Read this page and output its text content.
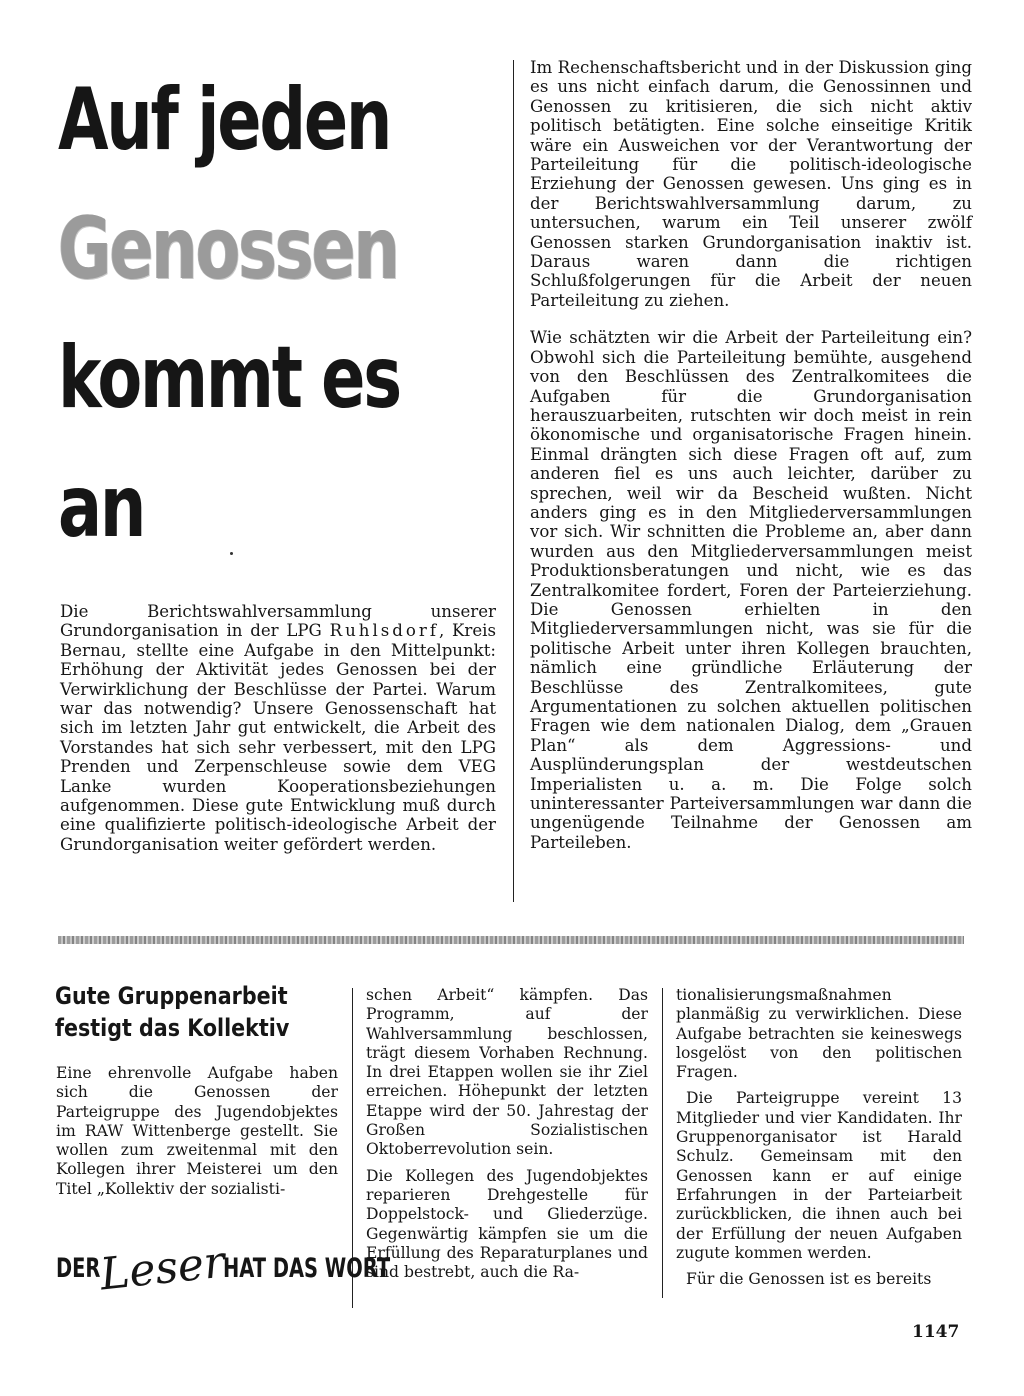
Auf jeden
Genossen
kommt es
an

Die Berichtswahlversammlung unserer Grundorganisation in der LPG Ruhlsdorf, Kreis Bernau, stellte eine Aufgabe in den Mittelpunkt: Erhöhung der Aktivität jedes Genossen bei der Verwirklichung der Beschlüsse der Partei. Warum war das notwendig? Unsere Genossenschaft hat sich im letzten Jahr gut entwickelt, die Arbeit des Vorstandes hat sich sehr verbessert, mit den LPG Prenden und Zerpenschleuse sowie dem VEG Lanke wurden Kooperationsbeziehungen aufgenommen. Diese gute Entwicklung muß durch eine qualifizierte politisch-ideologische Arbeit der Grundorganisation weiter gefördert werden.

Im Rechenschaftsbericht und in der Diskussion ging es uns nicht einfach darum, die Genossinnen und Genossen zu kritisieren, die sich nicht aktiv politisch betätigten. Eine solche einseitige Kritik wäre ein Ausweichen vor der Verantwortung der Parteileitung für die politisch-ideologische Erziehung der Genossen gewesen. Uns ging es in der Berichtswahlversammlung darum, zu untersuchen, warum ein Teil unserer zwölf Genossen starken Grundorganisation inaktiv ist. Daraus waren dann die richtigen Schlußfolgerungen für die Arbeit der neuen Parteileitung zu ziehen.

Wie schätzten wir die Arbeit der Parteileitung ein? Obwohl sich die Parteileitung bemühte, ausgehend von den Beschlüssen des Zentralkomitees die Aufgaben für die Grundorganisation herauszuarbeiten, rutschten wir doch meist in rein ökonomische und organisatorische Fragen hinein. Einmal drängten sich diese Fragen oft auf, zum anderen fiel es uns auch leichter, darüber zu sprechen, weil wir da Bescheid wußten. Nicht anders ging es in den Mitgliederversammlungen vor sich. Wir schnitten die Probleme an, aber dann wurden aus den Mitgliederversammlungen meist Produktionsberatungen und nicht, wie es das Zentralkomitee fordert, Foren der Parteierziehung. Die Genossen erhielten in den Mitgliederversammlungen nicht, was sie für die politische Arbeit unter ihren Kollegen brauchten, nämlich eine gründliche Erläuterung der Beschlüsse des Zentralkomitees, gute Argumentationen zu solchen aktuellen politischen Fragen wie dem nationalen Dialog, dem „Grauen Plan“ als dem Aggressions- und Ausplünderungsplan der westdeutschen Imperialisten u. a. m. Die Folge solch uninteressanter Parteiversammlungen war dann die ungenügende Teilnahme der Genossen am Parteileben.

Gute Gruppenarbeit
festigt das Kollektiv

Eine ehrenvolle Aufgabe haben sich die Genossen der Parteigruppe des Jugendobjektes im RAW Wittenberge gestellt. Sie wollen zum zweitenmal mit den Kollegen ihrer Meisterei um den Titel „Kollektiv der sozialisti-

schen Arbeit“ kämpfen. Das Programm, auf der Wahlversammlung beschlossen, trägt diesem Vorhaben Rechnung. In drei Etappen wollen sie ihr Ziel erreichen. Höhepunkt der letzten Etappe wird der 50. Jahrestag der Großen Sozialistischen Oktoberrevolution sein.

Die Kollegen des Jugendobjektes reparieren Drehgestelle für Doppelstock- und Gliederzüge. Gegenwärtig kämpfen sie um die Erfüllung des Reparaturplanes und sind bestrebt, auch die Ra-

tionalisierungsmaßnahmen planmäßig zu verwirklichen. Diese Aufgabe betrachten sie keineswegs losgelöst von den politischen Fragen.

Die Parteigruppe vereint 13 Mitglieder und vier Kandidaten. Ihr Gruppenorganisator ist Harald Schulz. Gemeinsam mit den Genossen kann er auf einige Erfahrungen in der Parteiarbeit zurückblicken, die ihnen auch bei der Erfüllung der neuen Aufgaben zugute kommen werden.

Für die Genossen ist es bereits

DER
Leser
HAT DAS WORT
1147
